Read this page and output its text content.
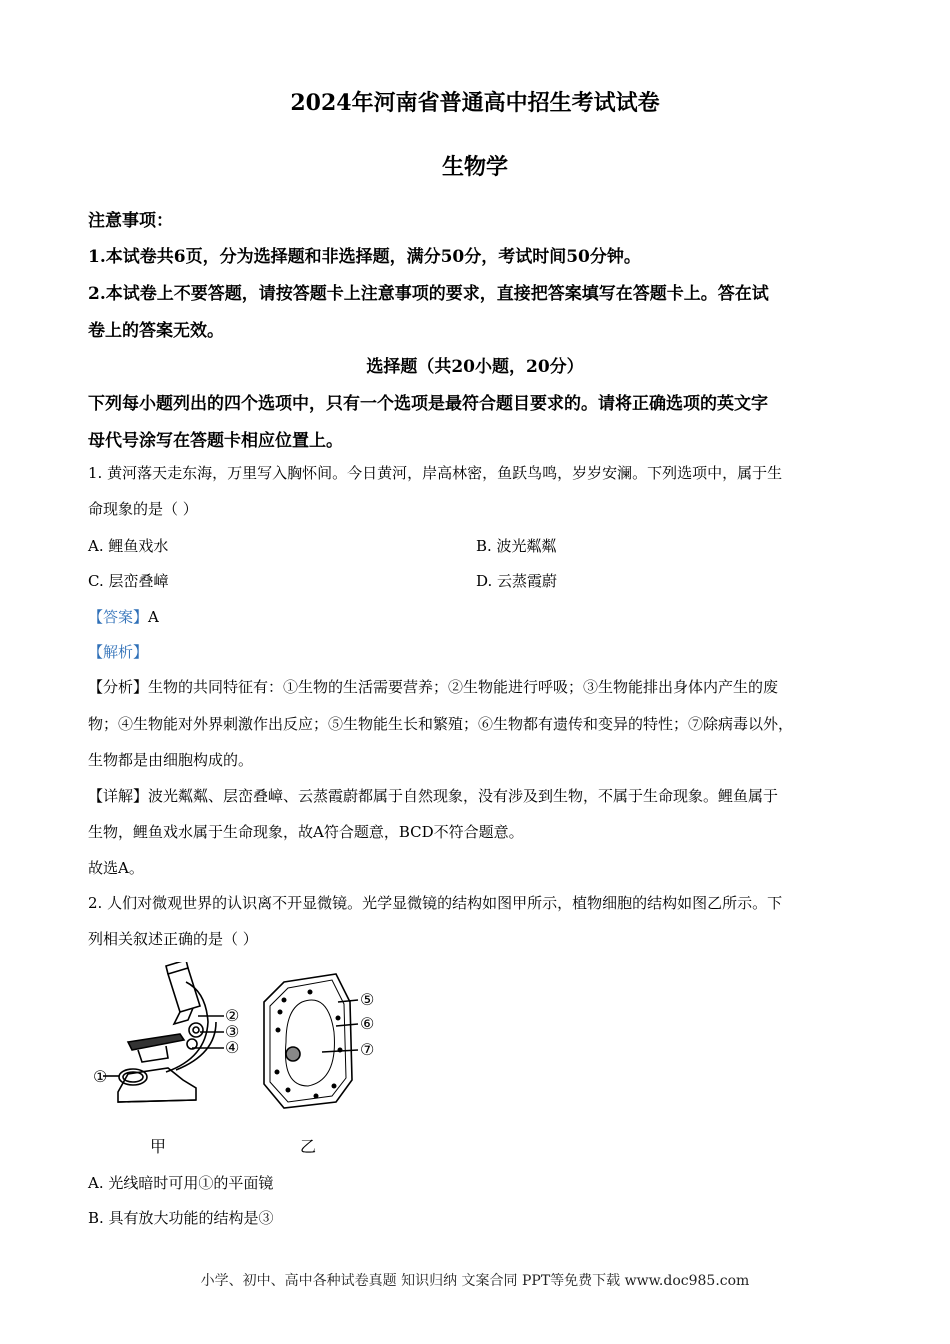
2024年河南省普通高中招生考试试卷
生物学
注意事项：
1.本试卷共6页，分为选择题和非选择题，满分50分，考试时间50分钟。
2.本试卷上不要答题，请按答题卡上注意事项的要求，直接把答案填写在答题卡上。答在试
卷上的答案无效。
选择题（共20小题，20分）
下列每小题列出的四个选项中，只有一个选项是最符合题目要求的。请将正确选项的英文字
母代号涂写在答题卡相应位置上。
1. 黄河落天走东海，万里写入胸怀间。今日黄河，岸高林密，鱼跃鸟鸣，岁岁安澜。下列选项中，属于生
命现象的是（ ）
A. 鲤鱼戏水	B. 波光粼粼
C. 层峦叠嶂	D. 云蒸霞蔚
【答案】A
【解析】
【分析】生物的共同特征有：①生物的生活需要营养；②生物能进行呼吸；③生物能排出身体内产生的废
物；④生物能对外界刺激作出反应；⑤生物能生长和繁殖；⑥生物都有遗传和变异的特性；⑦除病毒以外，
生物都是由细胞构成的。
【详解】波光粼粼、层峦叠嶂、云蒸霞蔚都属于自然现象，没有涉及到生物，不属于生命现象。鲤鱼属于
生物，鲤鱼戏水属于生命现象，故A符合题意，BCD不符合题意。
故选A。
2. 人们对微观世界的认识离不开显微镜。光学显微镜的结构如图甲所示，植物细胞的结构如图乙所示。下
列相关叙述正确的是（ ）
①
②
③
④
⑤
⑥
⑦
甲	乙
A. 光线暗时可用①的平面镜
B. 具有放大功能的结构是③
小学、初中、高中各种试卷真题 知识归纳 文案合同 PPT等免费下载 www.doc985.com
